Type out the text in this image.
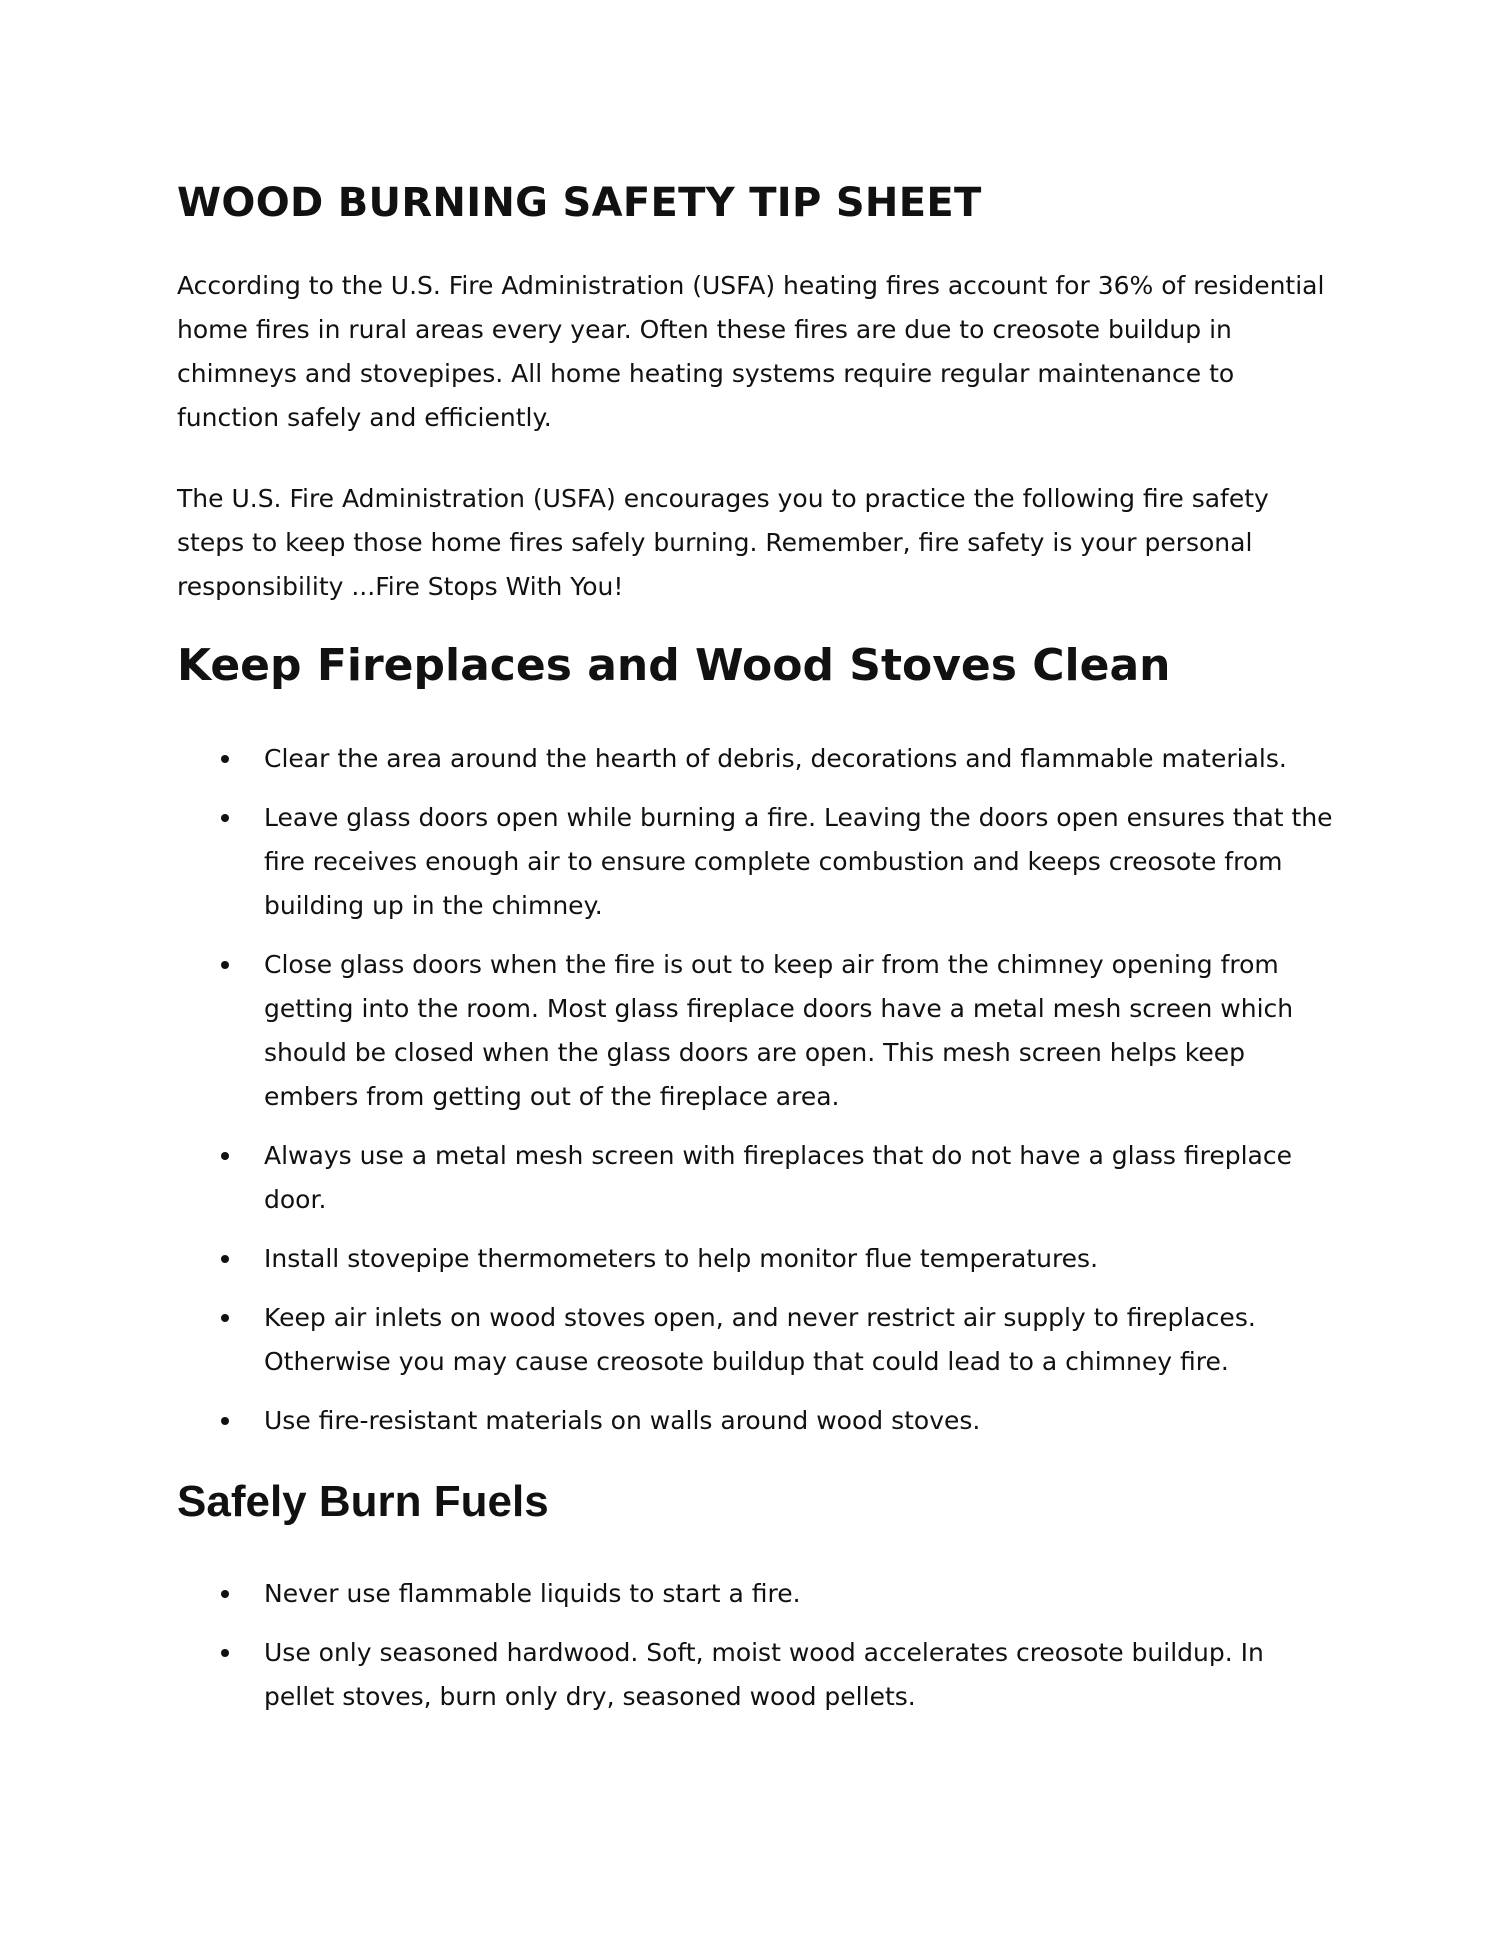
WOOD BURNING SAFETY TIP SHEET

According to the U.S. Fire Administration (USFA) heating fires account for 36% of residential home fires in rural areas every year. Often these fires are due to creosote buildup in chimneys and stovepipes. All home heating systems require regular maintenance to function safely and efficiently.

The U.S. Fire Administration (USFA) encourages you to practice the following fire safety steps to keep those home fires safely burning. Remember, fire safety is your personal responsibility ...Fire Stops With You!

Keep Fireplaces and Wood Stoves Clean
Clear the area around the hearth of debris, decorations and flammable materials.
Leave glass doors open while burning a fire. Leaving the doors open ensures that the fire receives enough air to ensure complete combustion and keeps creosote from building up in the chimney.
Close glass doors when the fire is out to keep air from the chimney opening from getting into the room. Most glass fireplace doors have a metal mesh screen which should be closed when the glass doors are open. This mesh screen helps keep embers from getting out of the fireplace area.
Always use a metal mesh screen with fireplaces that do not have a glass fireplace door.
Install stovepipe thermometers to help monitor flue temperatures.
Keep air inlets on wood stoves open, and never restrict air supply to fireplaces. Otherwise you may cause creosote buildup that could lead to a chimney fire.
Use fire-resistant materials on walls around wood stoves.
Safely Burn Fuels
Never use flammable liquids to start a fire.
Use only seasoned hardwood. Soft, moist wood accelerates creosote buildup. In pellet stoves, burn only dry, seasoned wood pellets.
